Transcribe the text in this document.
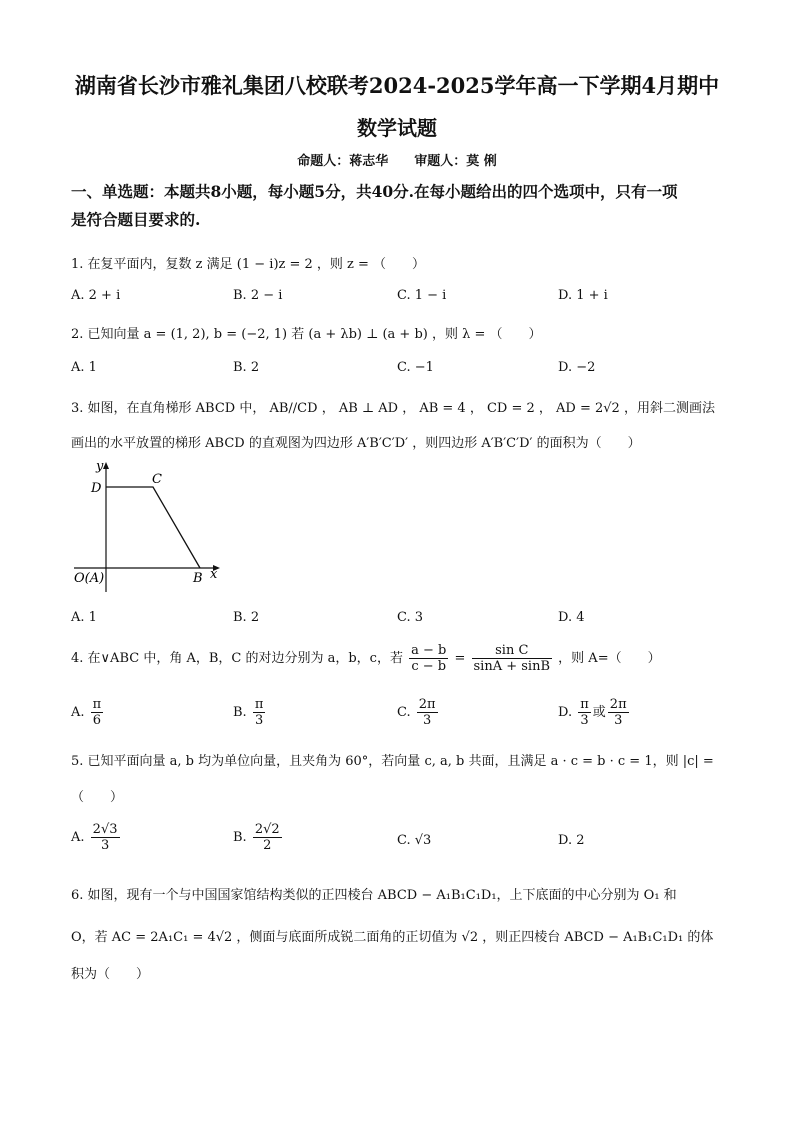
湖南省长沙市雅礼集团八校联考2024-2025学年高一下学期4月期中
数学试题
命题人：蒋志华　　审题人：莫 俐
一、单选题：本题共8小题，每小题5分，共40分.在每小题给出的四个选项中，只有一项
是符合题目要求的.
1. 在复平面内，复数 z 满足 (1 − i)z = 2 ，则 z = （　　）
A. 2 + i	B. 2 − i	C. 1 − i	D. 1 + i
2. 已知向量 a = (1, 2), b = (−2, 1) 若 (a + λb) ⊥ (a + b) ，则 λ = （　　）
A. 1	B. 2	C. −1	D. −2
3. 如图，在直角梯形 ABCD 中， AB//CD ， AB ⊥ AD ， AB = 4 ， CD = 2 ， AD = 2√2 ，用斜二测画法
画出的水平放置的梯形 ABCD 的直观图为四边形 A′B′C′D′ ，则四边形 A′B′C′D′ 的面积为（　　）
y
D
C
O(A)	B x
A. 1	B. 2	C. 3	D. 4
4. 在∨ABC 中，角 A，B，C 的对边分别为 a，b，c，若 $\frac{a - b}{c - b} = \frac{\text{sin C}}{\sin A + \sin B}$ ，则 A=（　　）
A. $\frac{\pi}{6}$	B. $\frac{\pi}{3}$	C. $\frac{2\pi}{3}$	D. $\frac{\pi}{3}$ 或 $\frac{2\pi}{3}$
5. 已知平面向量 a, b 均为单位向量，且夹角为 60°，若向量 c, a, b 共面，且满足 a · c = b · c = 1，则 |c| =
（　　）
A. $\frac{2√3}{3}$	B. $\frac{2√2}{2}$	C. √3	D. 2
6. 如图，现有一个与中国国家馆结构类似的正四棱台 ABCD − A₁B₁C₁D₁，上下底面的中心分别为 O₁ 和
O，若 AC = 2A₁C₁ = 4√2 ，侧面与底面所成锐二面角的正切值为 √2 ，则正四棱台 ABCD − A₁B₁C₁D₁ 的体
积为（　　）
